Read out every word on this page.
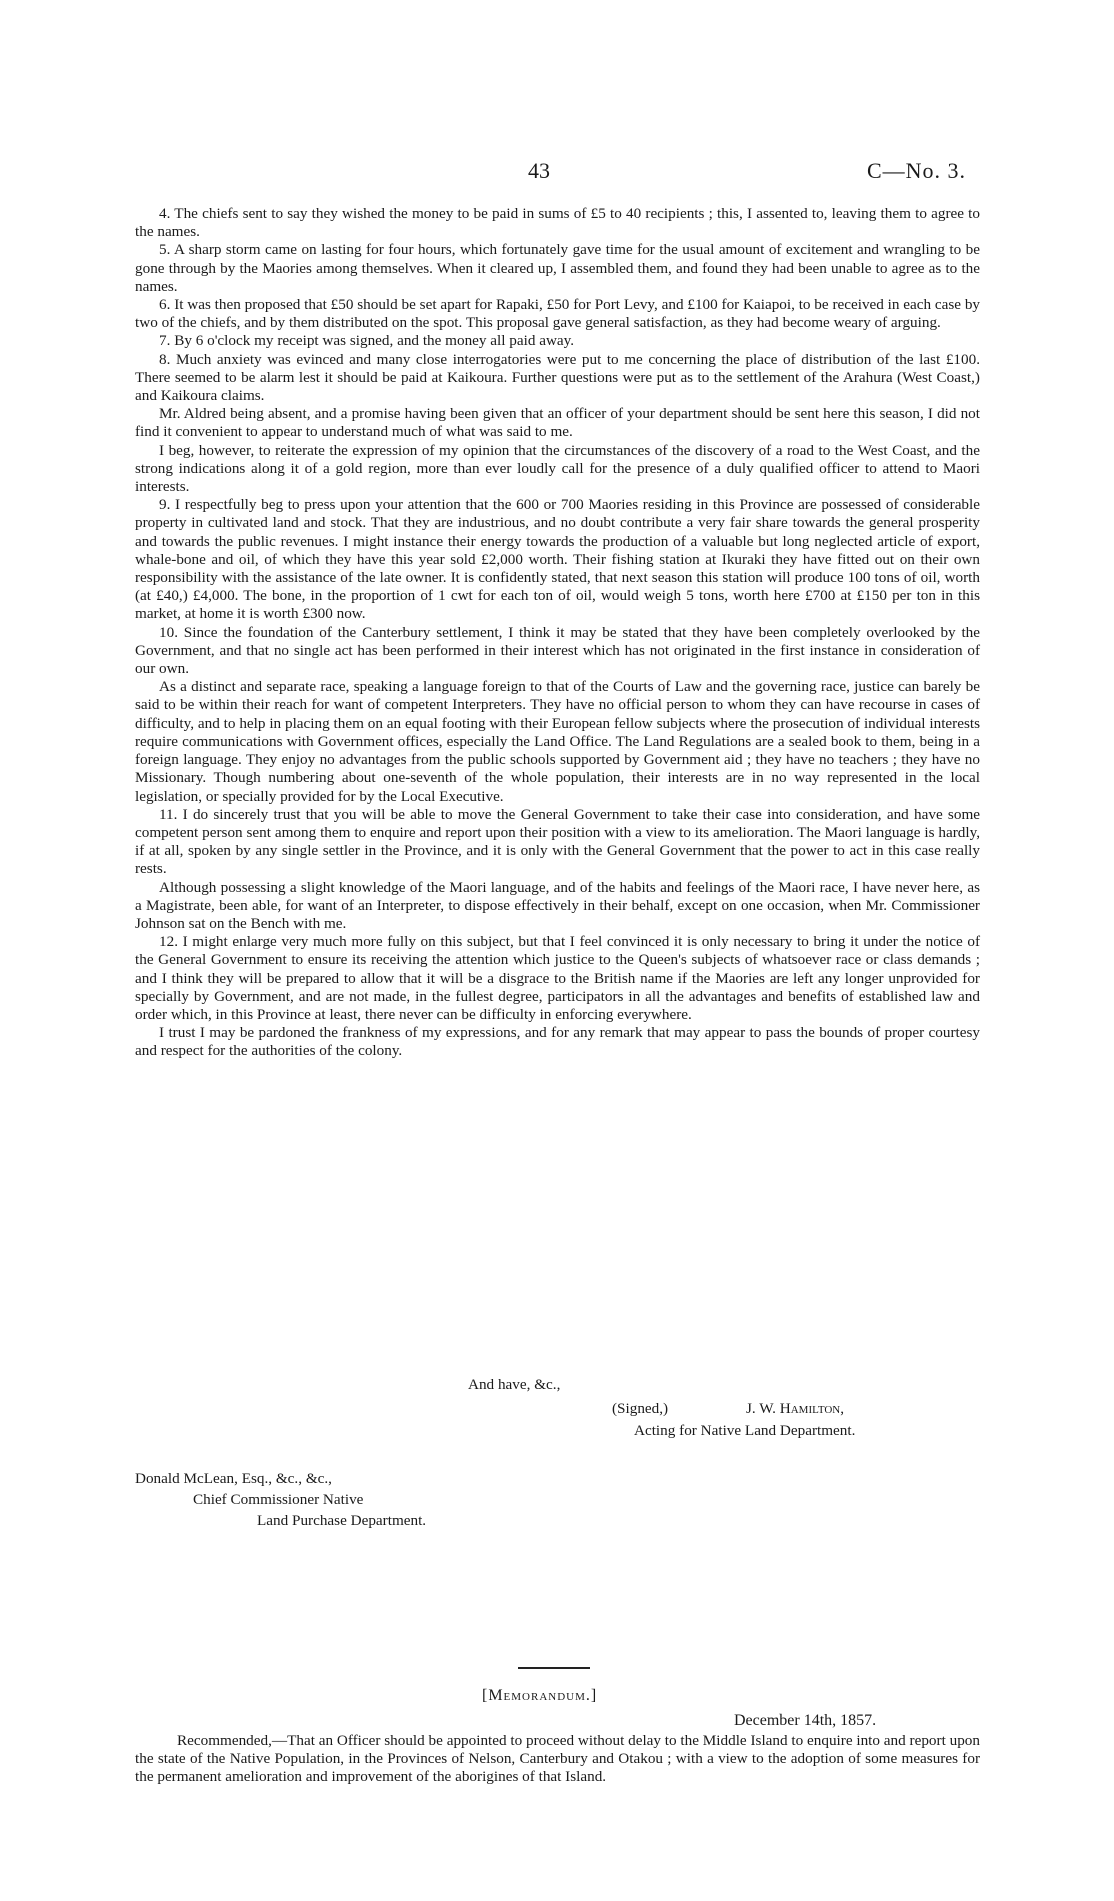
43	C—No. 3.

4. The chiefs sent to say they wished the money to be paid in sums of £5 to 40 recipients ; this, I assented to, leaving them to agree to the names.

5. A sharp storm came on lasting for four hours, which fortunately gave time for the usual amount of excitement and wrangling to be gone through by the Maories among themselves. When it cleared up, I assembled them, and found they had been unable to agree as to the names.

6. It was then proposed that £50 should be set apart for Rapaki, £50 for Port Levy, and £100 for Kaiapoi, to be received in each case by two of the chiefs, and by them distributed on the spot. This proposal gave general satisfaction, as they had become weary of arguing.

7. By 6 o'clock my receipt was signed, and the money all paid away.

8. Much anxiety was evinced and many close interrogatories were put to me concerning the place of distribution of the last £100. There seemed to be alarm lest it should be paid at Kaikoura. Further questions were put as to the settlement of the Arahura (West Coast,) and Kaikoura claims.

Mr. Aldred being absent, and a promise having been given that an officer of your department should be sent here this season, I did not find it convenient to appear to understand much of what was said to me.

I beg, however, to reiterate the expression of my opinion that the circumstances of the discovery of a road to the West Coast, and the strong indications along it of a gold region, more than ever loudly call for the presence of a duly qualified officer to attend to Maori interests.

9. I respectfully beg to press upon your attention that the 600 or 700 Maories residing in this Province are possessed of considerable property in cultivated land and stock. That they are industrious, and no doubt contribute a very fair share towards the general prosperity and towards the public revenues. I might instance their energy towards the production of a valuable but long neglected article of export, whale-bone and oil, of which they have this year sold £2,000 worth. Their fishing station at Ikuraki they have fitted out on their own responsibility with the assistance of the late owner. It is confidently stated, that next season this station will produce 100 tons of oil, worth (at £40,) £4,000. The bone, in the proportion of 1 cwt for each ton of oil, would weigh 5 tons, worth here £700 at £150 per ton in this market, at home it is worth £300 now.

10. Since the foundation of the Canterbury settlement, I think it may be stated that they have been completely overlooked by the Government, and that no single act has been performed in their interest which has not originated in the first instance in consideration of our own.

As a distinct and separate race, speaking a language foreign to that of the Courts of Law and the governing race, justice can barely be said to be within their reach for want of competent Interpreters. They have no official person to whom they can have recourse in cases of difficulty, and to help in placing them on an equal footing with their European fellow subjects where the prosecution of individual interests require communications with Government offices, especially the Land Office. The Land Regulations are a sealed book to them, being in a foreign language. They enjoy no advantages from the public schools supported by Government aid ; they have no teachers ; they have no Missionary. Though numbering about one-seventh of the whole population, their interests are in no way represented in the local legislation, or specially provided for by the Local Executive.

11. I do sincerely trust that you will be able to move the General Government to take their case into consideration, and have some competent person sent among them to enquire and report upon their position with a view to its amelioration. The Maori language is hardly, if at all, spoken by any single settler in the Province, and it is only with the General Government that the power to act in this case really rests.

Although possessing a slight knowledge of the Maori language, and of the habits and feelings of the Maori race, I have never here, as a Magistrate, been able, for want of an Interpreter, to dispose effectively in their behalf, except on one occasion, when Mr. Commissioner Johnson sat on the Bench with me.

12. I might enlarge very much more fully on this subject, but that I feel convinced it is only necessary to bring it under the notice of the General Government to ensure its receiving the attention which justice to the Queen's subjects of whatsoever race or class demands ; and I think they will be prepared to allow that it will be a disgrace to the British name if the Maories are left any longer unprovided for specially by Government, and are not made, in the fullest degree, participators in all the advantages and benefits of established law and order which, in this Province at least, there never can be difficulty in enforcing everywhere.

I trust I may be pardoned the frankness of my expressions, and for any remark that may appear to pass the bounds of proper courtesy and respect for the authorities of the colony.

And have, &c.,
(Signed,)	J. W. Hamilton,
Acting for Native Land Department.
Donald McLean, Esq., &c., &c.,
Chief Commissioner Native
Land Purchase Department.
[Memorandum.]
December 14th, 1857.

Recommended,—That an Officer should be appointed to proceed without delay to the Middle Island to enquire into and report upon the state of the Native Population, in the Provinces of Nelson, Canterbury and Otakou ; with a view to the adoption of some measures for the permanent amelioration and improvement of the aborigines of that Island.
